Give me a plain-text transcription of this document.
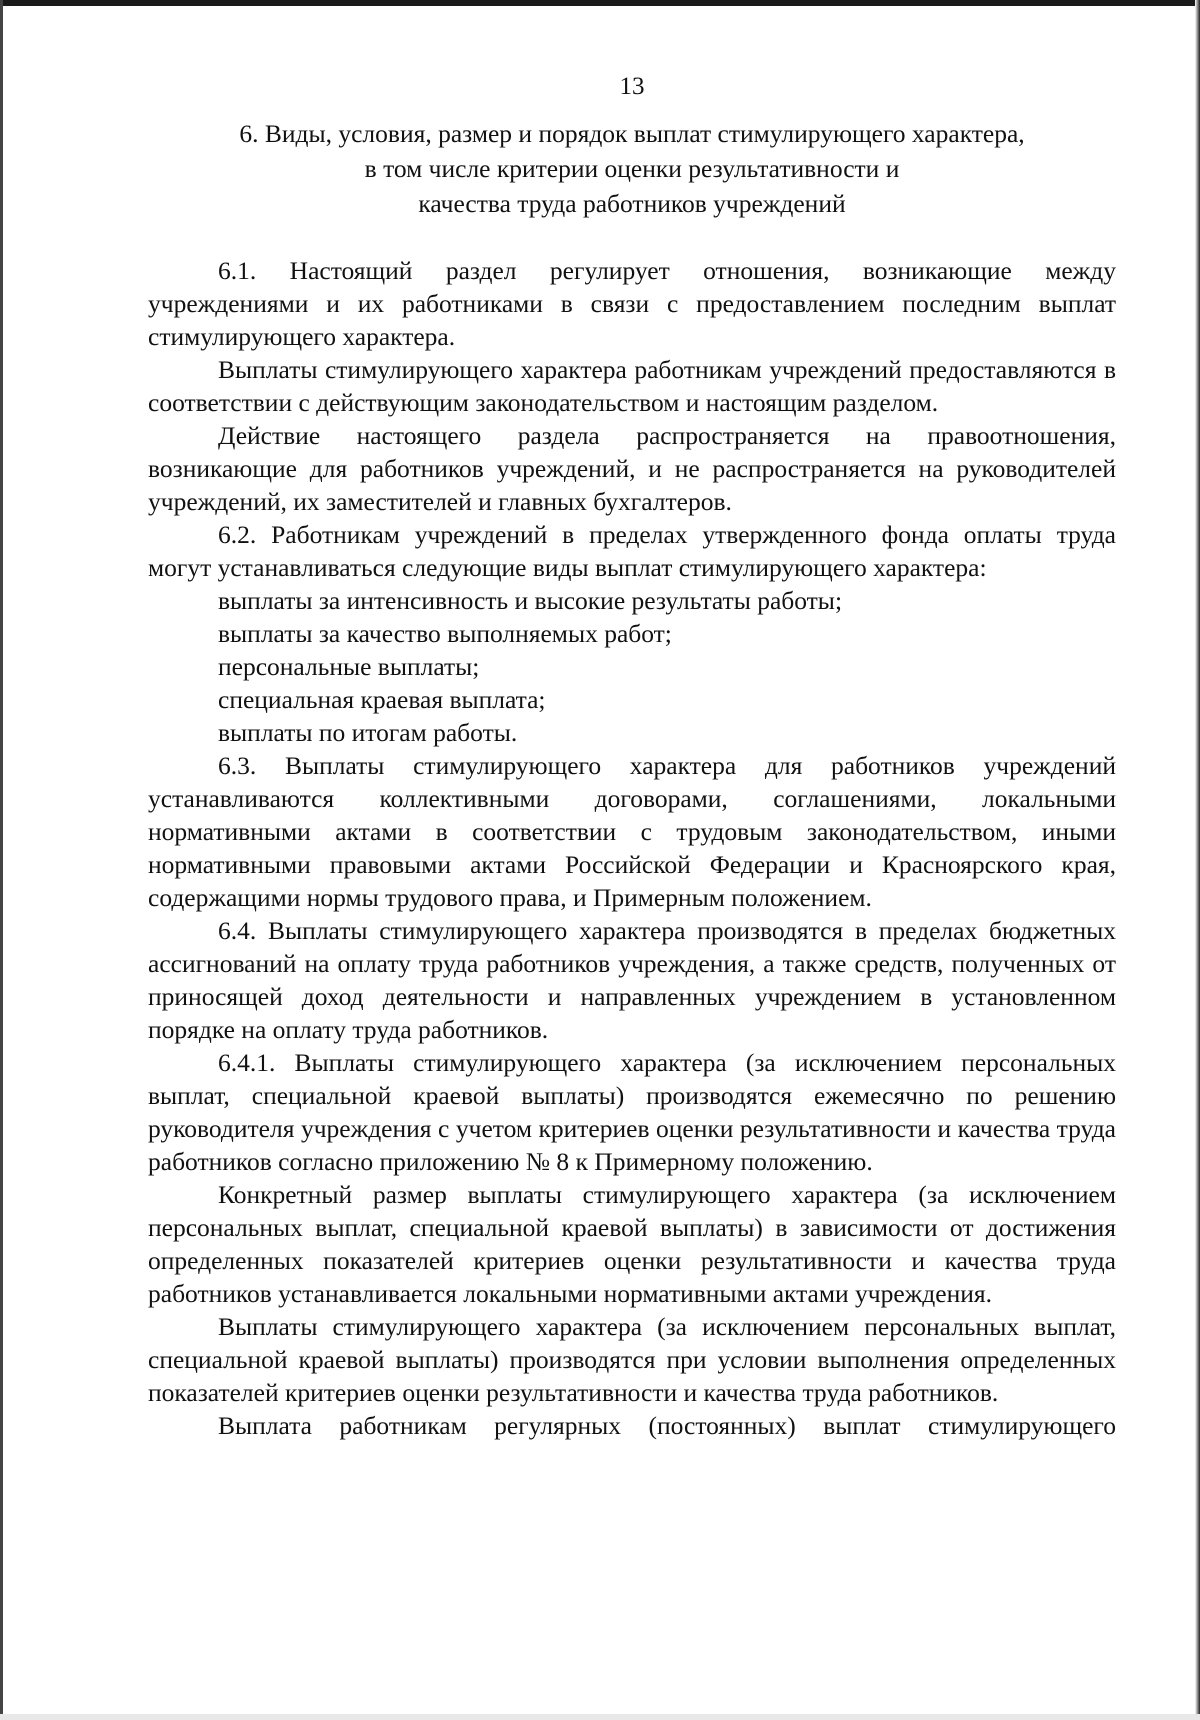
13
6. Виды, условия, размер и порядок выплат стимулирующего характера,
в том числе критерии оценки результативности и
качества труда работников учреждений

6.1. Настоящий раздел регулирует отношения, возникающие между учреждениями и их работниками в связи с предоставлением последним выплат стимулирующего характера.

Выплаты стимулирующего характера работникам учреждений предоставляются в соответствии с действующим законодательством и настоящим разделом.

Действие настоящего раздела распространяется на правоотношения, возникающие для работников учреждений, и не распространяется на руководителей учреждений, их заместителей и главных бухгалтеров.

6.2. Работникам учреждений в пределах утвержденного фонда оплаты труда могут устанавливаться следующие виды выплат стимулирующего характера:

выплаты за интенсивность и высокие результаты работы;

выплаты за качество выполняемых работ;

персональные выплаты;

специальная краевая выплата;

выплаты по итогам работы.

6.3. Выплаты стимулирующего характера для работников учреждений устанавливаются коллективными договорами, соглашениями, локальными нормативными актами в соответствии с трудовым законодательством, иными нормативными правовыми актами Российской Федерации и Красноярского края, содержащими нормы трудового права, и Примерным положением.

6.4. Выплаты стимулирующего характера производятся в пределах бюджетных ассигнований на оплату труда работников учреждения, а также средств, полученных от приносящей доход деятельности и направленных учреждением в установленном порядке на оплату труда работников.

6.4.1. Выплаты стимулирующего характера (за исключением персональных выплат, специальной краевой выплаты) производятся ежемесячно по решению руководителя учреждения с учетом критериев оценки результативности и качества труда работников согласно приложению № 8 к Примерному положению.

Конкретный размер выплаты стимулирующего характера (за исключением персональных выплат, специальной краевой выплаты) в зависимости от достижения определенных показателей критериев оценки результативности и качества труда работников устанавливается локальными нормативными актами учреждения.

Выплаты стимулирующего характера (за исключением персональных выплат, специальной краевой выплаты) производятся при условии выполнения определенных показателей критериев оценки результативности и качества труда работников.

Выплата работникам регулярных (постоянных) выплат стимулирующего
